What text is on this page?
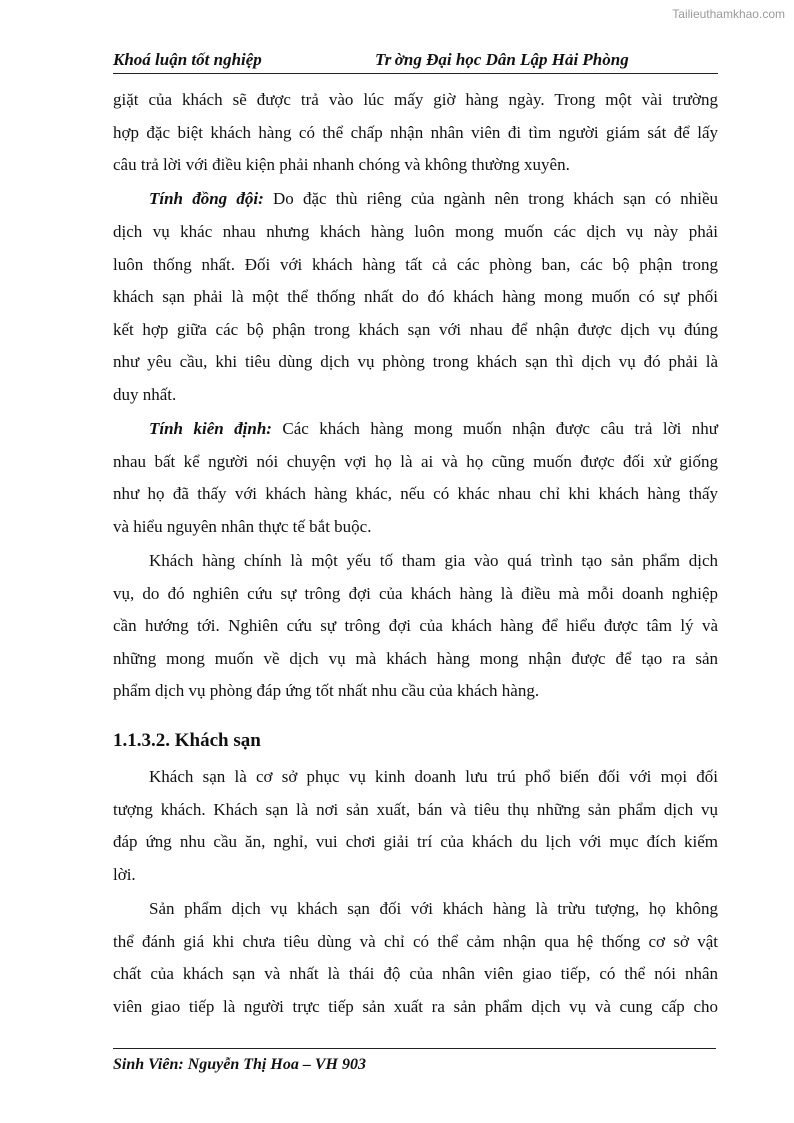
Tailieuthamkhao.com
Khoá luận tốt nghiệp	Tr ờng Đại học Dân Lập Hải Phòng
giặt của khách sẽ được trả vào lúc mấy giờ hàng ngày. Trong một vài trường
hợp đặc biệt khách hàng có thể chấp nhận nhân viên đi tìm người giám sát để lấy
câu trả lời với điều kiện phải nhanh chóng và không thường xuyên.
Tính đồng đội: Do đặc thù riêng của ngành nên trong khách sạn có nhiều
dịch vụ khác nhau nhưng khách hàng luôn mong muốn các dịch vụ này phải
luôn thống nhất. Đối với khách hàng tất cả các phòng ban, các bộ phận trong
khách sạn phải là một thể thống nhất do đó khách hàng mong muốn có sự phối
kết hợp giữa các bộ phận trong khách sạn với nhau để nhận được dịch vụ đúng
như yêu cầu, khi tiêu dùng dịch vụ phòng trong khách sạn thì dịch vụ đó phải là
duy nhất.
Tính kiên định: Các khách hàng mong muốn nhận được câu trả lời như
nhau bất kể người nói chuyện vợi họ là ai và họ cũng muốn được đối xử giống
như họ đã thấy với khách hàng khác, nếu có khác nhau chỉ khi khách hàng thấy
và hiểu nguyên nhân thực tế bắt buộc.
Khách hàng chính là một yếu tố tham gia vào quá trình tạo sản phẩm dịch
vụ, do đó nghiên cứu sự trông đợi của khách hàng là điều mà mỗi doanh nghiệp
cần hướng tới. Nghiên cứu sự trông đợi của khách hàng để hiểu được tâm lý và
những mong muốn về dịch vụ mà khách hàng mong nhận được để tạo ra sản
phẩm dịch vụ phòng đáp ứng tốt nhất nhu cầu của khách hàng.
1.1.3.2. Khách sạn
Khách sạn là cơ sở phục vụ kinh doanh lưu trú phổ biến đối với mọi đối
tượng khách. Khách sạn là nơi sản xuất, bán và tiêu thụ những sản phẩm dịch vụ
đáp ứng nhu cầu ăn, nghỉ, vui chơi giải trí của khách du lịch với mục đích kiếm
lời.
Sản phẩm dịch vụ khách sạn đối với khách hàng là trừu tượng, họ không
thể đánh giá khi chưa tiêu dùng và chỉ có thể cảm nhận qua hệ thống cơ sở vật
chất của khách sạn và nhất là thái độ của nhân viên giao tiếp, có thể nói nhân
viên giao tiếp là người trực tiếp sản xuất ra sản phẩm dịch vụ và cung cấp cho
Sinh Viên: Nguyễn Thị Hoa – VH 903
